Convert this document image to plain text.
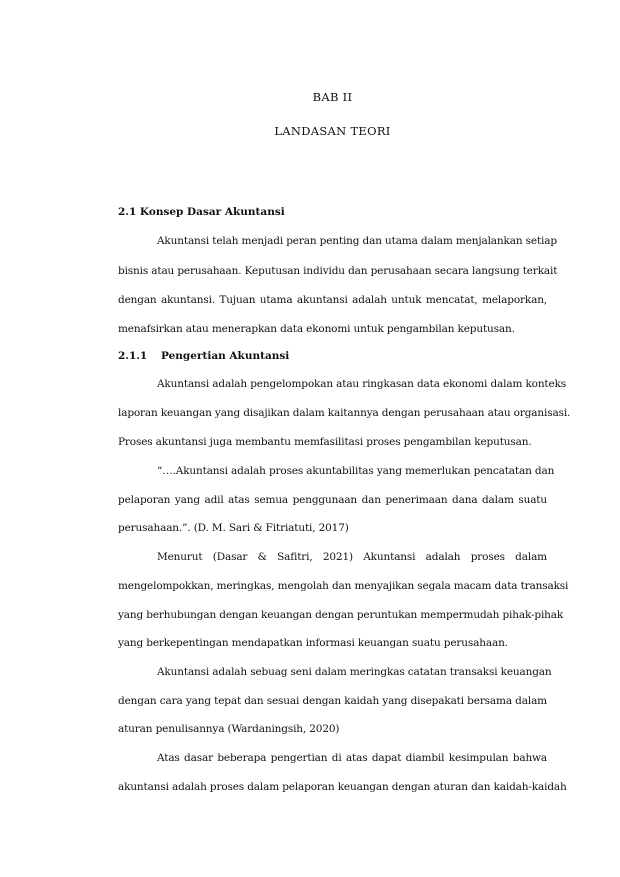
BAB II
LANDASAN TEORI
2.1 Konsep Dasar Akuntansi
Akuntansi telah menjadi peran penting dan utama dalam menjalankan setiap
bisnis atau perusahaan. Keputusan individu dan perusahaan secara langsung terkait
dengan akuntansi. Tujuan utama akuntansi adalah untuk mencatat, melaporkan,
menafsirkan atau menerapkan data ekonomi untuk pengambilan keputusan.
2.1.1 Pengertian Akuntansi
Akuntansi adalah pengelompokan atau ringkasan data ekonomi dalam konteks
laporan keuangan yang disajikan dalam kaitannya dengan perusahaan atau organisasi.
Proses akuntansi juga membantu memfasilitasi proses pengambilan keputusan.
“….Akuntansi adalah proses akuntabilitas yang memerlukan pencatatan dan
pelaporan yang adil atas semua penggunaan dan penerimaan dana dalam suatu
perusahaan.”. (D. M. Sari & Fitriatuti, 2017)
Menurut (Dasar & Safitri, 2021) Akuntansi adalah proses dalam
mengelompokkan, meringkas, mengolah dan menyajikan segala macam data transaksi
yang berhubungan dengan keuangan dengan peruntukan mempermudah pihak-pihak
yang berkepentingan mendapatkan informasi keuangan suatu perusahaan.
Akuntansi adalah sebuag seni dalam meringkas catatan transaksi keuangan
dengan cara yang tepat dan sesuai dengan kaidah yang disepakati bersama dalam
aturan penulisannya (Wardaningsih, 2020)
Atas dasar beberapa pengertian di atas dapat diambil kesimpulan bahwa
akuntansi adalah proses dalam pelaporan keuangan dengan aturan dan kaidah-kaidah
